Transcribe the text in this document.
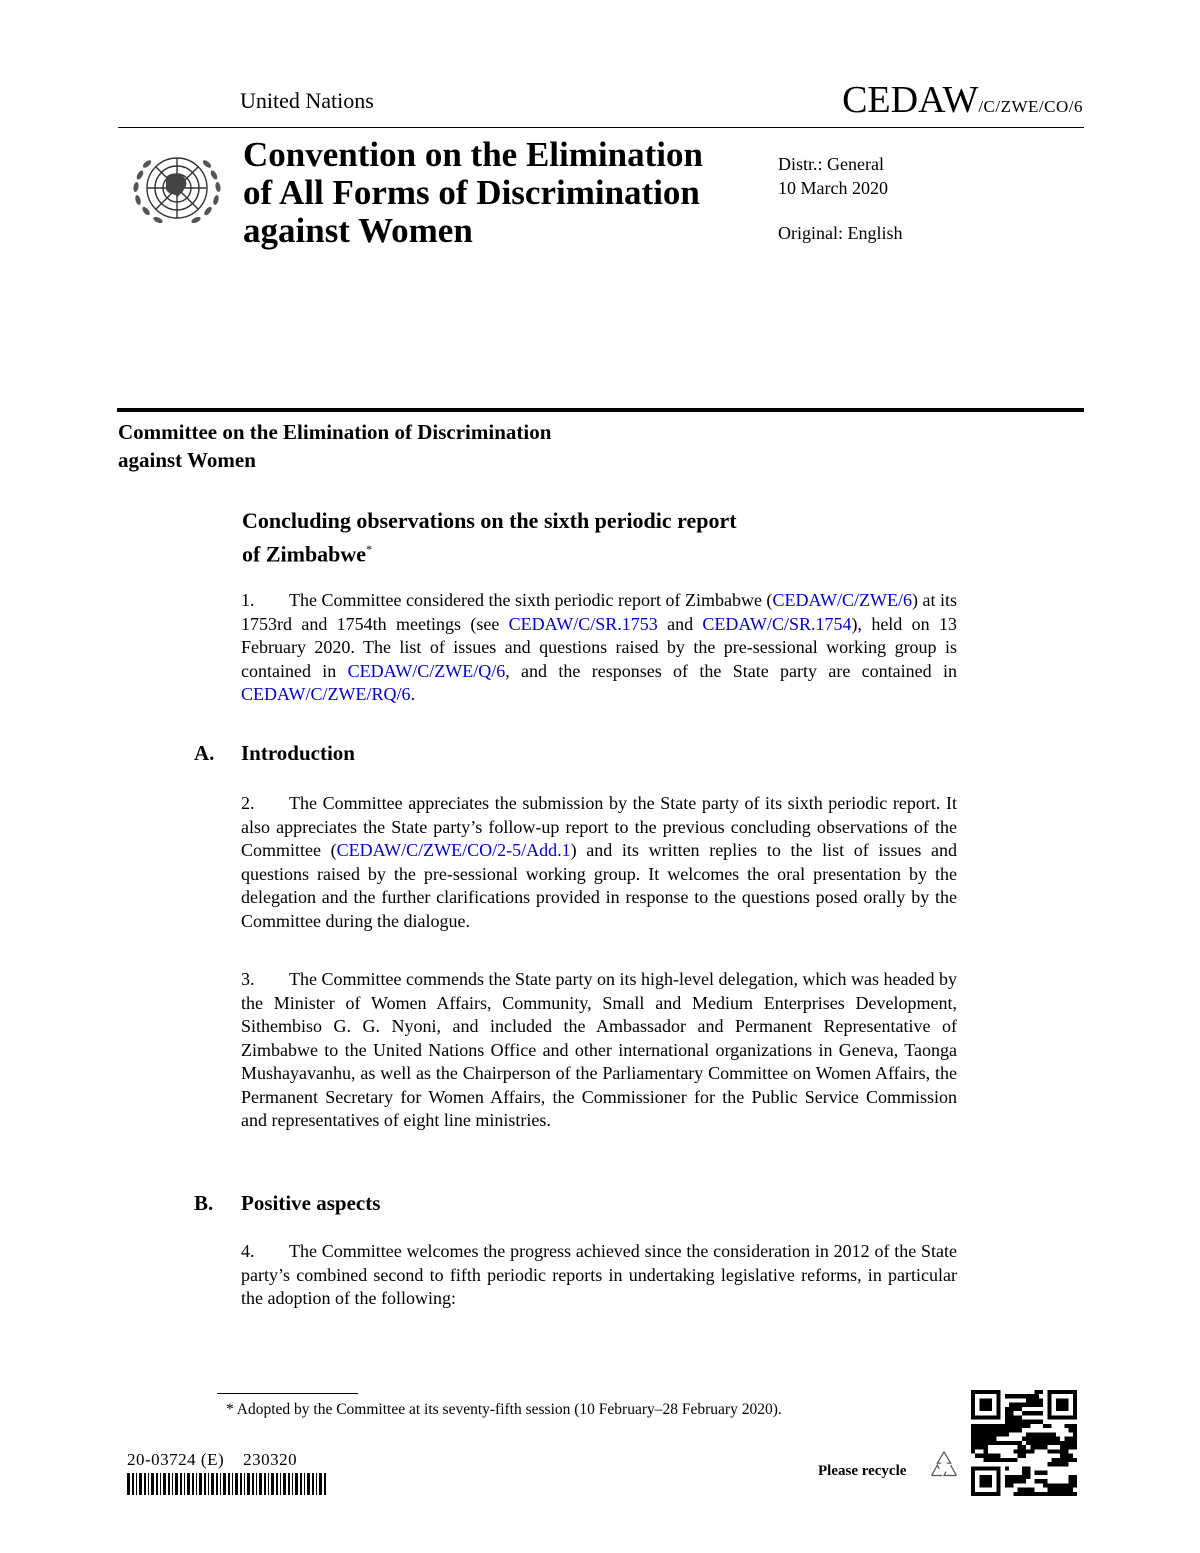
United Nations	CEDAW/C/ZWE/CO/6
Convention on the Elimination
of All Forms of Discrimination
against Women
Distr.: General
10 March 2020
Original: English
Committee on the Elimination of Discrimination
against Women
Concluding observations on the sixth periodic report
of Zimbabwe*
1. The Committee considered the sixth periodic report of Zimbabwe (CEDAW/C/ZWE/6) at its 1753rd and 1754th meetings (see CEDAW/C/SR.1753 and CEDAW/C/SR.1754), held on 13 February 2020. The list of issues and questions raised by the pre-sessional working group is contained in CEDAW/C/ZWE/Q/6, and the responses of the State party are contained in CEDAW/C/ZWE/RQ/6.
A. Introduction
2. The Committee appreciates the submission by the State party of its sixth periodic report. It also appreciates the State party’s follow-up report to the previous concluding observations of the Committee (CEDAW/C/ZWE/CO/2-5/Add.1) and its written replies to the list of issues and questions raised by the pre-sessional working group. It welcomes the oral presentation by the delegation and the further clarifications provided in response to the questions posed orally by the Committee during the dialogue.
3. The Committee commends the State party on its high-level delegation, which was headed by the Minister of Women Affairs, Community, Small and Medium Enterprises Development, Sithembiso G. G. Nyoni, and included the Ambassador and Permanent Representative of Zimbabwe to the United Nations Office and other international organizations in Geneva, Taonga Mushayavanhu, as well as the Chairperson of the Parliamentary Committee on Women Affairs, the Permanent Secretary for Women Affairs, the Commissioner for the Public Service Commission and representatives of eight line ministries.
B. Positive aspects
4. The Committee welcomes the progress achieved since the consideration in 2012 of the State party’s combined second to fifth periodic reports in undertaking legislative reforms, in particular the adoption of the following:
* Adopted by the Committee at its seventy-fifth session (10 February–28 February 2020).
20-03724 (E)    230320
Please recycle
